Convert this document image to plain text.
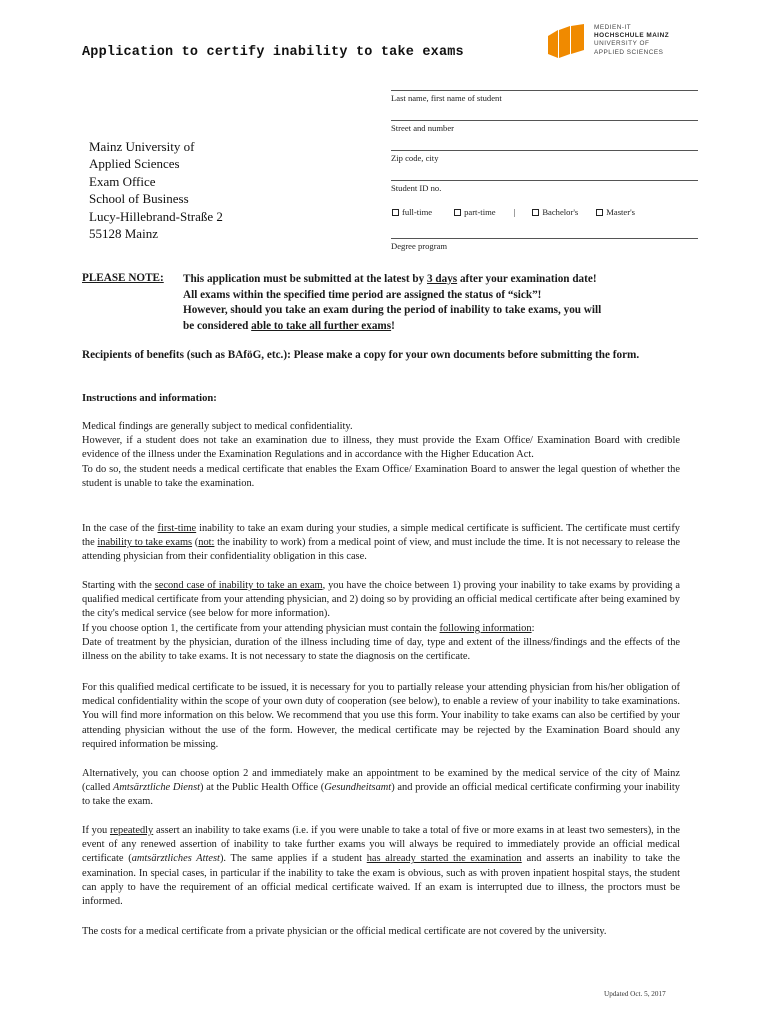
Application to certify inability to take exams
MEDIEN-IT
HOCHSCHULE MAINZ
UNIVERSITY OF
APPLIED SCIENCES
Mainz University of
Applied Sciences
Exam Office
School of Business
Lucy-Hillebrand-Straße 2
55128 Mainz
Last name, first name of student
Street and number
Zip code, city
Student ID no.
full-time	part-time |	Bachelor's	Master's
Degree program
PLEASE NOTE: This application must be submitted at the latest by 3 days after your examination date!
All exams within the specified time period are assigned the status of “sick”!
However, should you take an exam during the period of inability to take exams, you will
be considered able to take all further exams!
Recipients of benefits (such as BAföG, etc.): Please make a copy for your own documents before submitting the form.
Instructions and information:

Medical findings are generally subject to medical confidentiality.

However, if a student does not take an examination due to illness, they must provide the Exam Office/ Examination Board with credible evidence of the illness under the Examination Regulations and in accordance with the Higher Education Act.

To do so, the student needs a medical certificate that enables the Exam Office/ Examination Board to answer the legal question of whether the student is unable to take the examination.

In the case of the first-time inability to take an exam during your studies, a simple medical certificate is sufficient. The certificate must certify the inability to take exams (not: the inability to work) from a medical point of view, and must include the time. It is not necessary to release the attending physician from their confidentiality obligation in this case.

Starting with the second case of inability to take an exam, you have the choice between 1) proving your inability to take exams by providing a qualified medical certificate from your attending physician, and 2) doing so by providing an official medical certificate after being examined by the city's medical service (see below for more information).

If you choose option 1, the certificate from your attending physician must contain the following information:

Date of treatment by the physician, duration of the illness including time of day, type and extent of the illness/findings and the effects of the illness on the ability to take exams. It is not necessary to state the diagnosis on the certificate.

For this qualified medical certificate to be issued, it is necessary for you to partially release your attending physician from his/her obligation of medical confidentiality within the scope of your own duty of cooperation (see below), to enable a review of your inability to take examinations. You will find more information on this below. We recommend that you use this form. Your inability to take exams can also be certified by your attending physician without the use of the form. However, the medical certificate may be rejected by the Examination Board should any required information be missing.

Alternatively, you can choose option 2 and immediately make an appointment to be examined by the medical service of the city of Mainz (called Amtsärztliche Dienst) at the Public Health Office (Gesundheitsamt) and provide an official medical certificate confirming your inability to take the exam.

If you repeatedly assert an inability to take exams (i.e. if you were unable to take a total of five or more exams in at least two semesters), in the event of any renewed assertion of inability to take further exams you will always be required to immediately provide an official medical certificate (amtsärztliches Attest). The same applies if a student has already started the examination and asserts an inability to take the examination. In special cases, in particular if the inability to take the exam is obvious, such as with proven inpatient hospital stays, the student can apply to have the requirement of an official medical certificate waived. If an exam is interrupted due to illness, the proctors must be informed.

The costs for a medical certificate from a private physician or the official medical certificate are not covered by the university.
Updated Oct. 5, 2017
